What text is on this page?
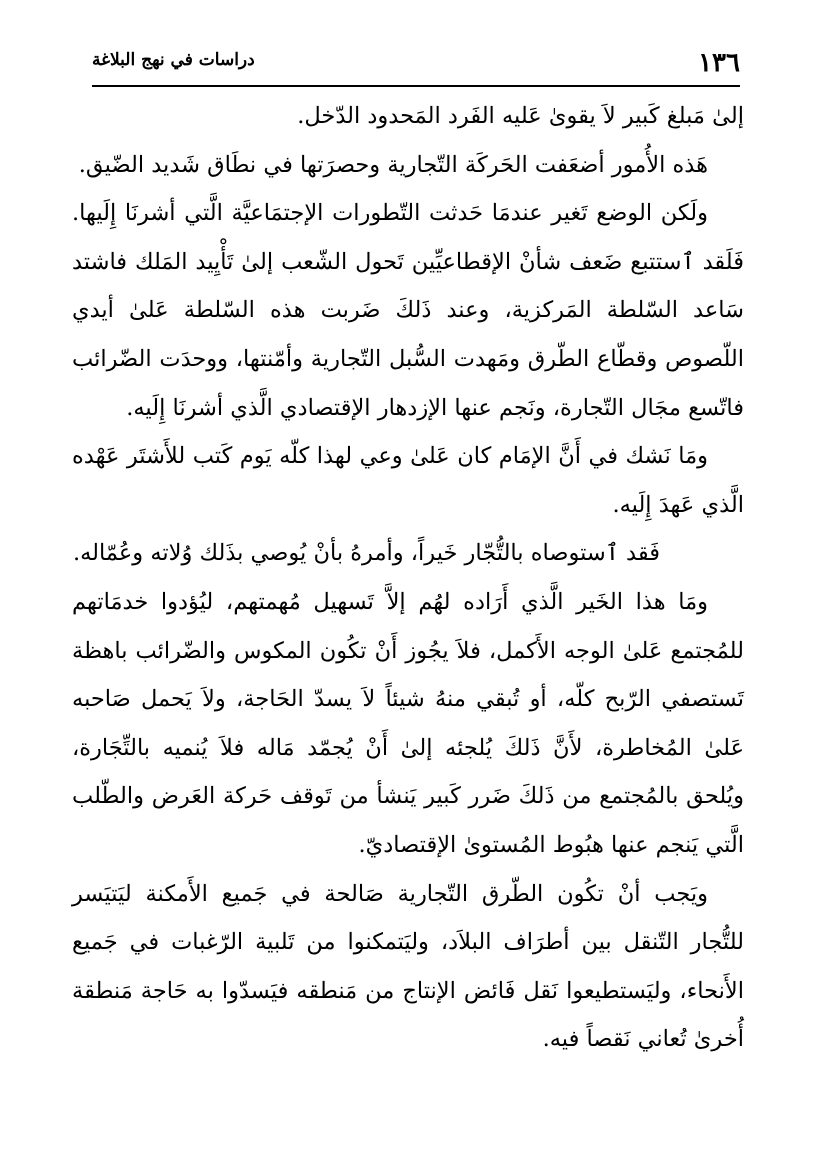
دراسات في نهج البلاغة	١٣٦

إلىٰ مَبلغ كَبير لاَ يقوىٰ عَليه الفَرد المَحدود الدّخل.

هَذه الأُمور أضعَفت الحَركَة التّجارية وحصرَتها في نطَاق شَديد الضّيق.

ولَكن الوضع تَغير عندمَا حَدثت التّطورات الإجتمَاعيَّة الَّتي أشرنَا إِلَيها. فَلَقد ٱستتبع ضَعف شأنْ الإقطاعيِّين تَحول الشّعب إلىٰ تَأْيِيد المَلك فاشتد سَاعد السّلطة المَركزية، وعند ذَلكَ ضَربت هذه السّلطة عَلىٰ أيدي اللّصوص وقطّاع الطّرق ومَهدت السُّبل التّجارية وأمّنتها، ووحدَت الضّرائب فاتّسع مجَال التّجارة، ونَجم عنها الإزدهار الإقتصادي الَّذي أشرنَا إِلَيه.

ومَا نَشك في أَنَّ الإمَام كان عَلىٰ وعي لهذا كلّه يَوم كَتب للأَشتَر عَهْده الَّذي عَهدَ إِلَيه.

فَقد ٱستوصاه بالتُّجّار خَيراً، وأمرهُ بأنْ يُوصي بذَلك وُلاته وعُمّاله.

ومَا هذا الخَير الَّذي أَرَاده لهُم إلاَّ تَسهيل مُهمتهم، ليُؤدوا خدمَاتهم للمُجتمع عَلىٰ الوجه الأَكمل، فلاَ يجُوز أَنْ تكُون المكوس والضّرائب باهظة تَستصفي الرّبح كلّه، أو تُبقي منهُ شيئاً لاَ يسدّ الحَاجة، ولاَ يَحمل صَاحبه عَلىٰ المُخاطرة، لأَنَّ ذَلكَ يُلجئه إلىٰ أَنْ يُجمّد مَاله فلاَ يُنميه بالتِّجَارة، ويُلحق بالمُجتمع من ذَلكَ ضَرر كَبير يَنشأ من تَوقف حَركة العَرض والطّلب الَّتي يَنجم عنها هبُوط المُستوىٰ الإقتصاديّ.

ويَجب أنْ تكُون الطّرق التّجارية صَالحة في جَميع الأَمكنة ليَتيَسر للتُّجار التّنقل بين أطرَاف البلاَد، وليَتمكنوا من تَلبية الرّغبات في جَميع الأَنحاء، وليَستطيعوا نَقل فَائض الإنتاج من مَنطقه فيَسدّوا به حَاجة مَنطقة أُخرىٰ تُعاني نَقصاً فيه.
